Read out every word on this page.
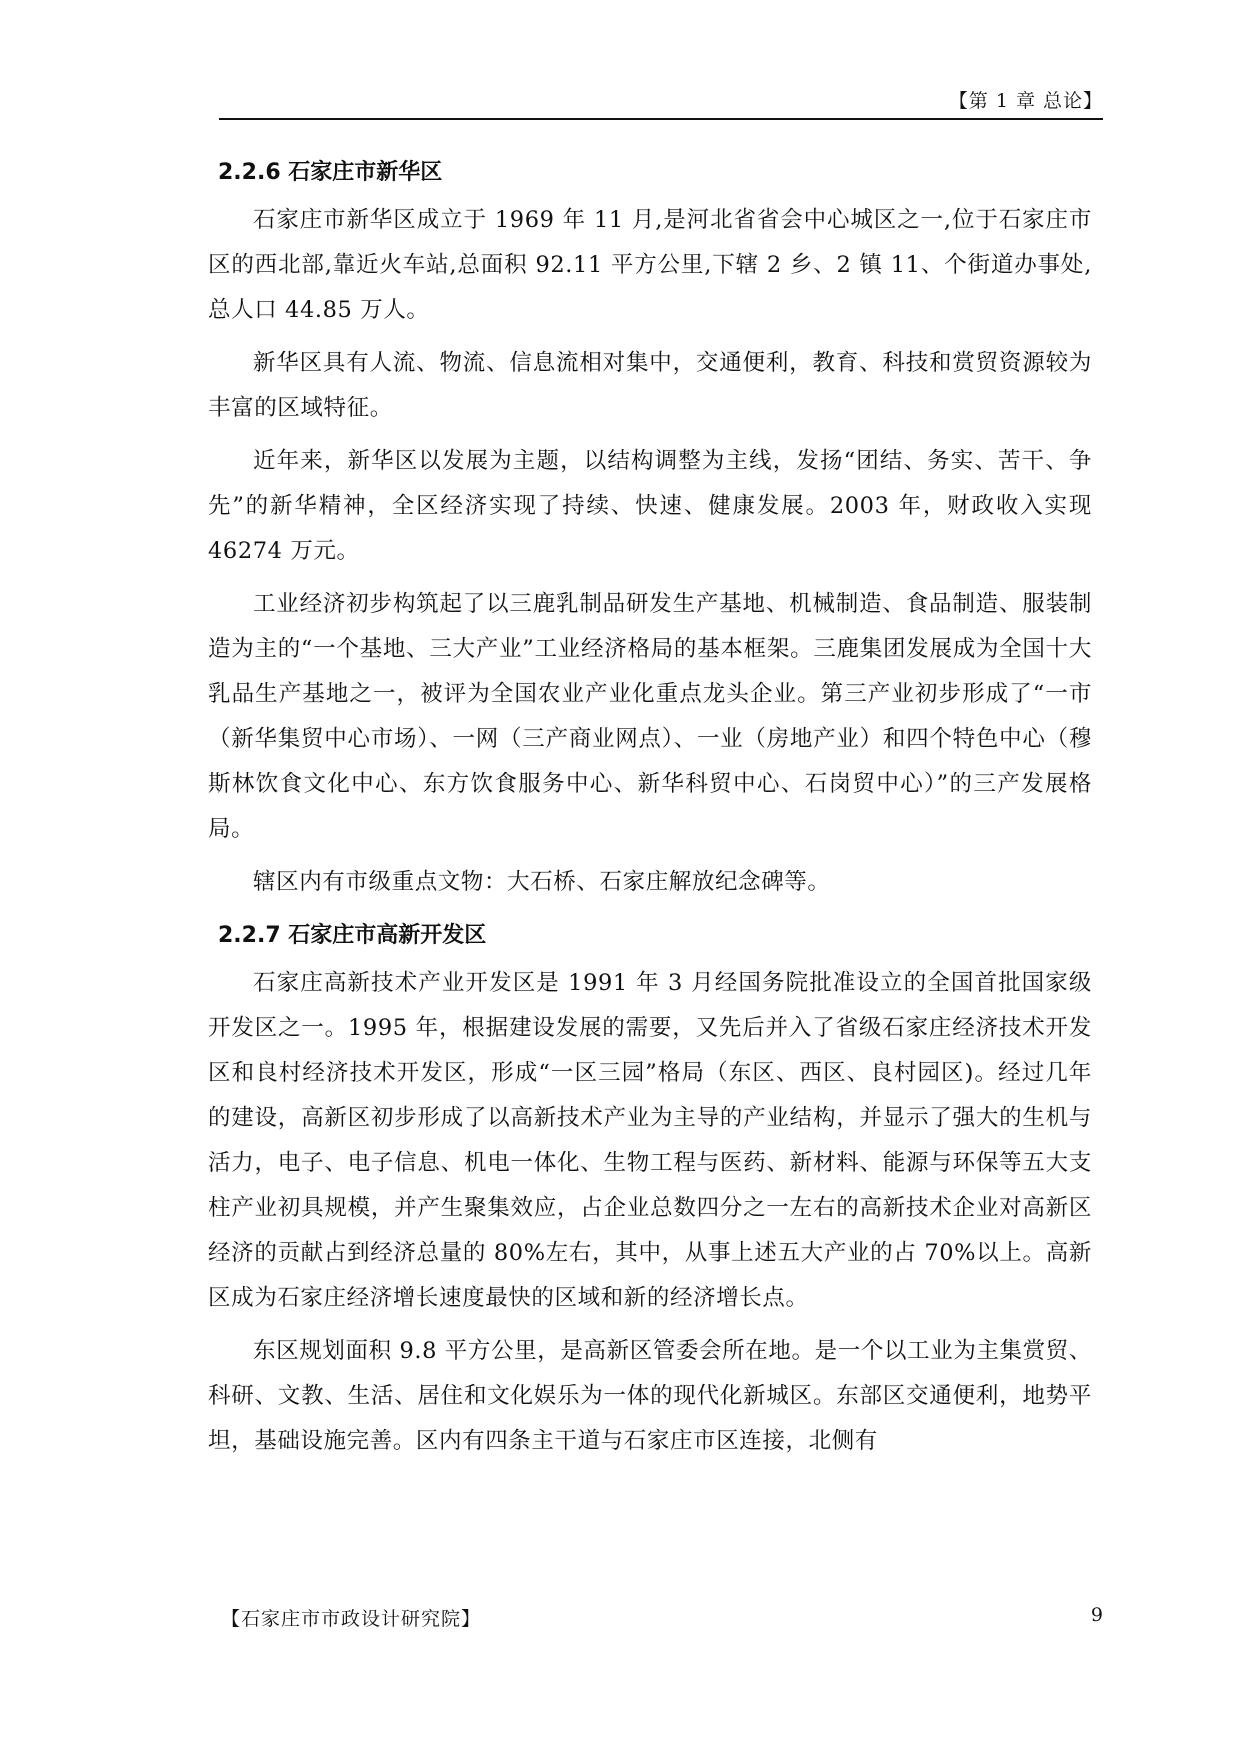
【第 1 章 总论】
2.2.6 石家庄市新华区

石家庄市新华区成立于 1969 年 11 月,是河北省省会中心城区之一,位于石家庄市区的西北部,靠近火车站,总面积 92.11 平方公里,下辖 2 乡、2 镇 11、个街道办事处,总人口 44.85 万人。

新华区具有人流、物流、信息流相对集中，交通便利，教育、科技和赏贸资源较为丰富的区域特征。

近年来，新华区以发展为主题，以结构调整为主线，发扬“团结、务实、苦干、争先”的新华精神，全区经济实现了持续、快速、健康发展。2003 年，财政收入实现 46274 万元。

工业经济初步构筑起了以三鹿乳制品研发生产基地、机械制造、食品制造、服装制造为主的“一个基地、三大产业”工业经济格局的基本框架。三鹿集团发展成为全国十大乳品生产基地之一，被评为全国农业产业化重点龙头企业。第三产业初步形成了“一市（新华集贸中心市场）、一网（三产商业网点）、一业（房地产业）和四个特色中心（穆斯林饮食文化中心、东方饮食服务中心、新华科贸中心、石岗贸中心）”的三产发展格局。

辖区内有市级重点文物：大石桥、石家庄解放纪念碑等。

2.2.7 石家庄市高新开发区

石家庄高新技术产业开发区是 1991 年 3 月经国务院批准设立的全国首批国家级开发区之一。1995 年，根据建设发展的需要，又先后并入了省级石家庄经济技术开发区和良村经济技术开发区，形成“一区三园”格局（东区、西区、良村园区)。经过几年的建设，高新区初步形成了以高新技术产业为主导的产业结构，并显示了强大的生机与活力，电子、电子信息、机电一体化、生物工程与医药、新材料、能源与环保等五大支柱产业初具规模，并产生聚集效应，占企业总数四分之一左右的高新技术企业对高新区经济的贡献占到经济总量的 80%左右，其中，从事上述五大产业的占 70%以上。高新区成为石家庄经济增长速度最快的区域和新的经济增长点。

东区规划面积 9.8 平方公里，是高新区管委会所在地。是一个以工业为主集赏贸、科研、文教、生活、居住和文化娱乐为一体的现代化新城区。东部区交通便利，地势平坦，基础设施完善。区内有四条主干道与石家庄市区连接，北侧有

【石家庄市市政设计研究院】	9
